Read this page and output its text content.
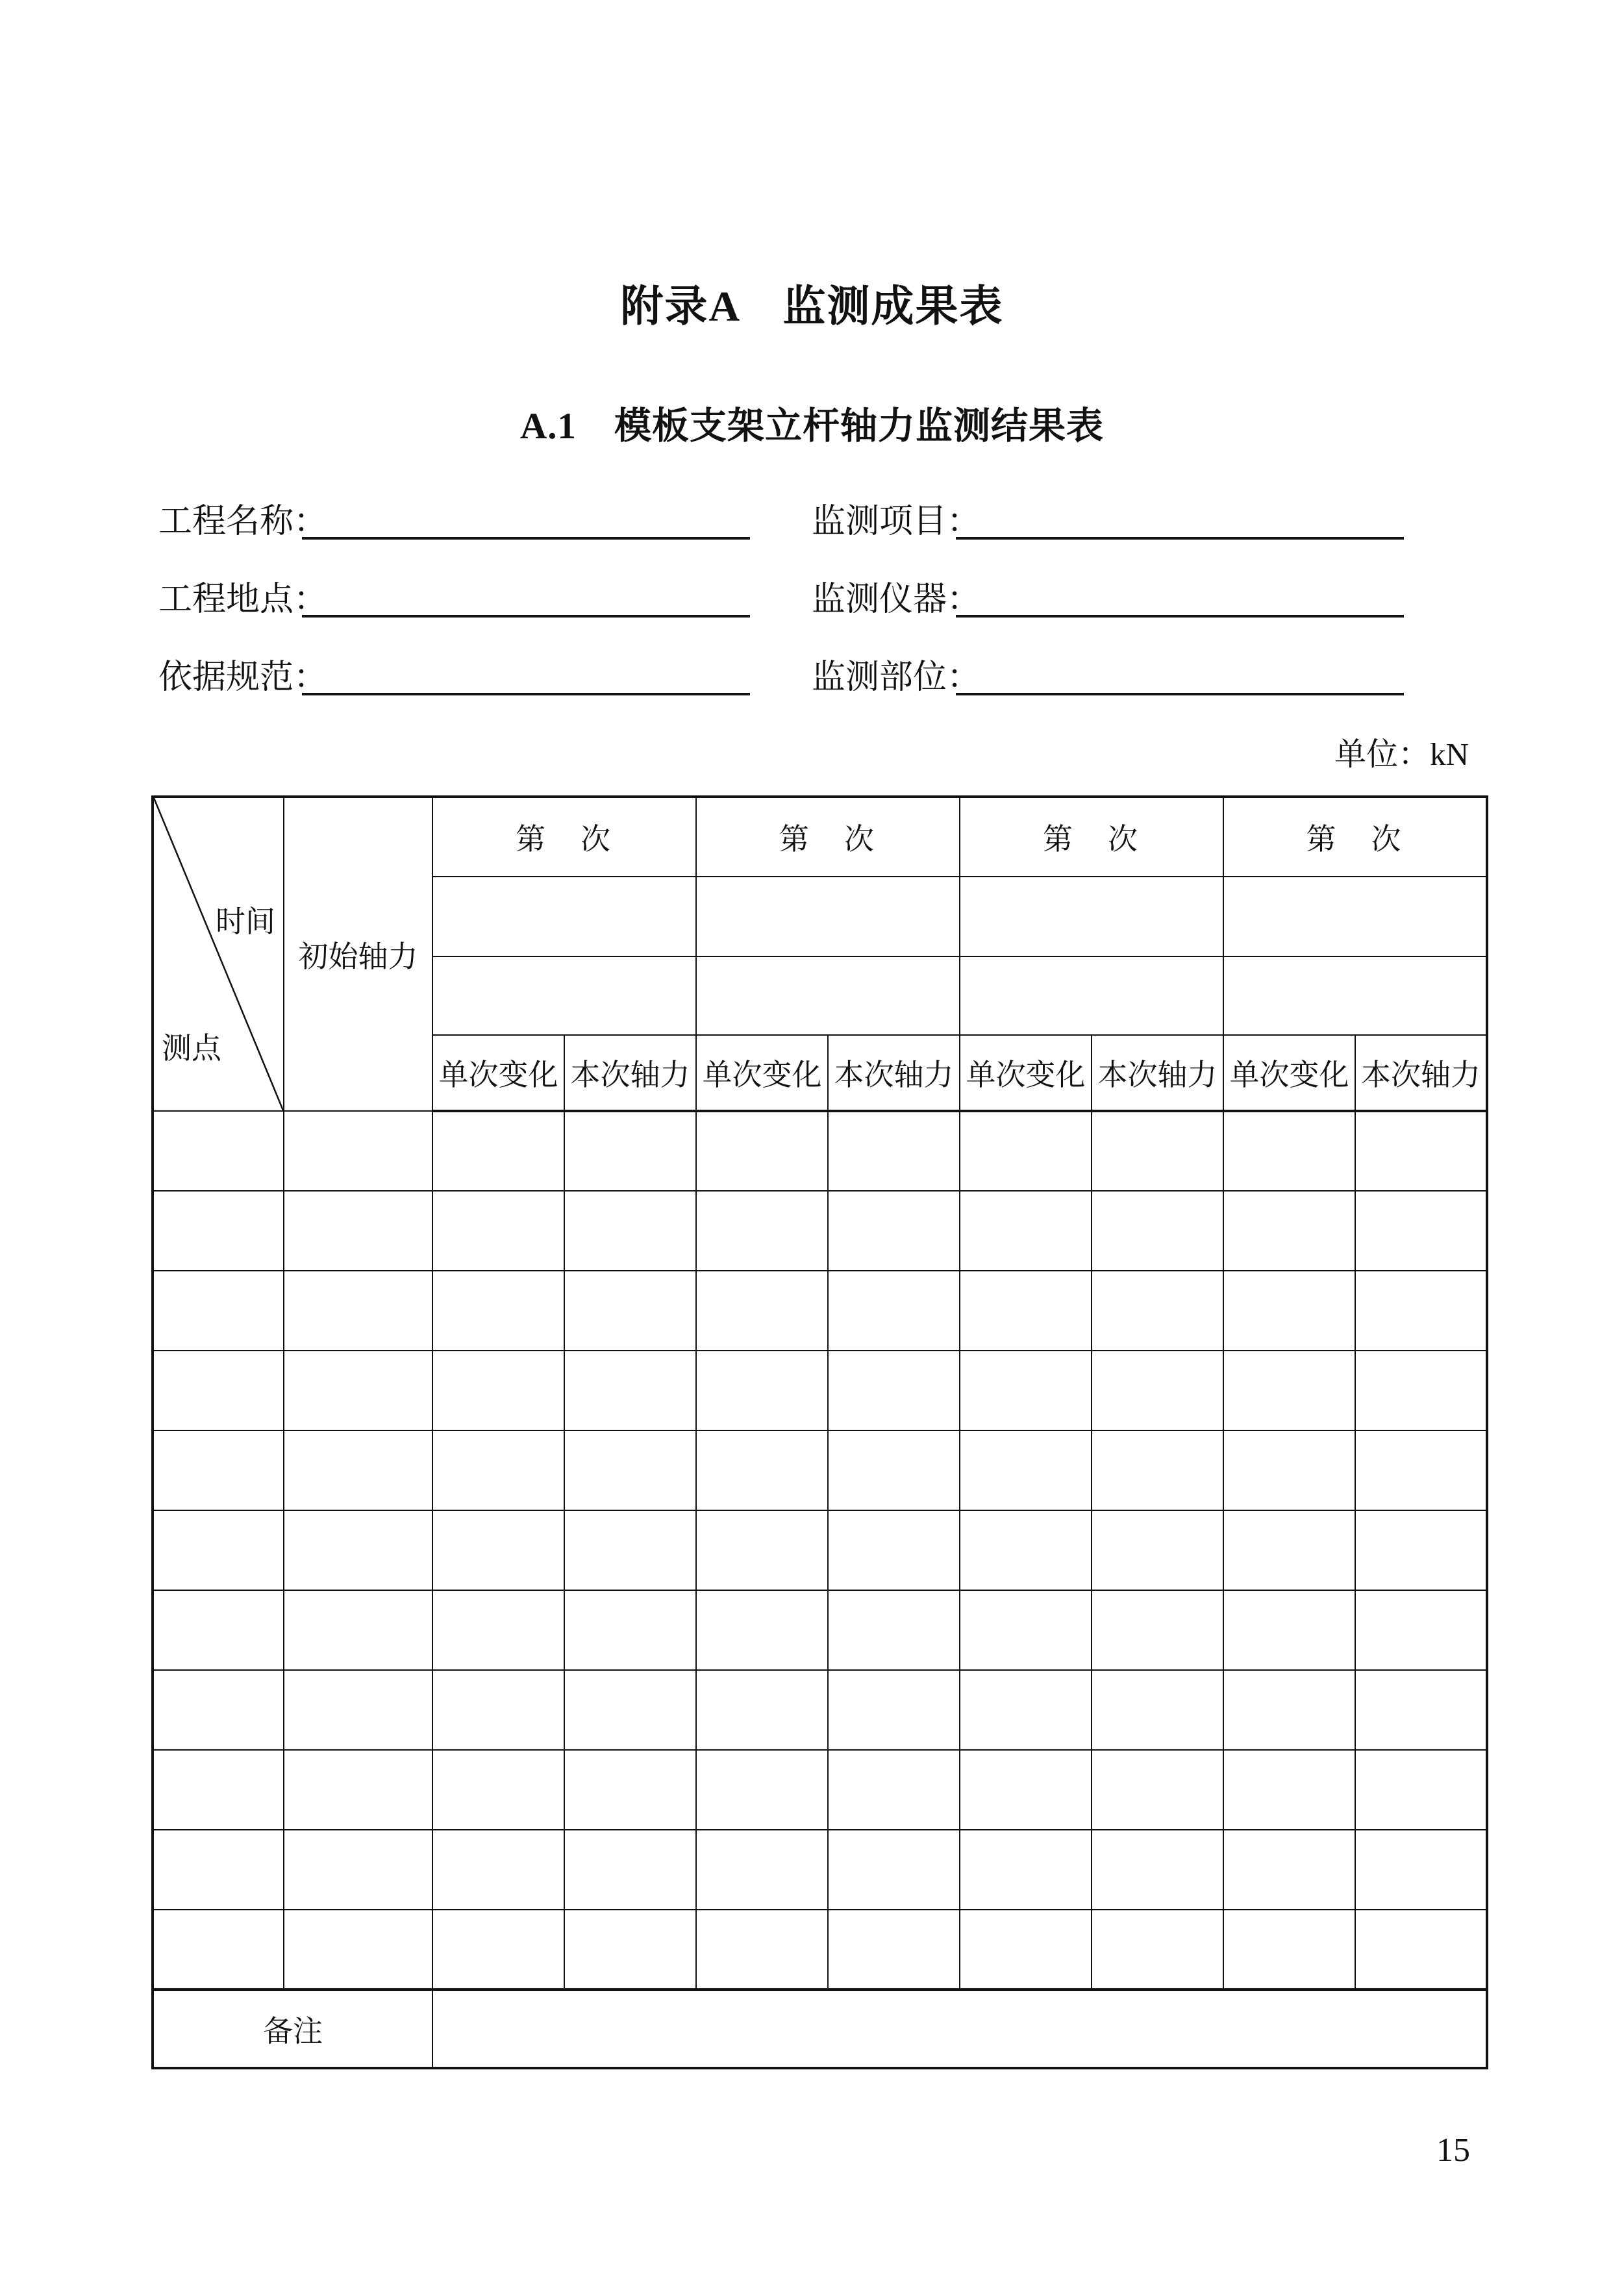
附录A　监测成果表
A.1　模板支架立杆轴力监测结果表
工程名称：
工程地点：
依据规范：
监测项目：
监测仪器：
监测部位：
单位：kN
时间
测点	初始轴力	第　次		第　次		第　次		第　次	

		单次变化	本次轴力	单次变化	本次轴力	单次变化	本次轴力	单次变化	本次轴力

备注									
15
